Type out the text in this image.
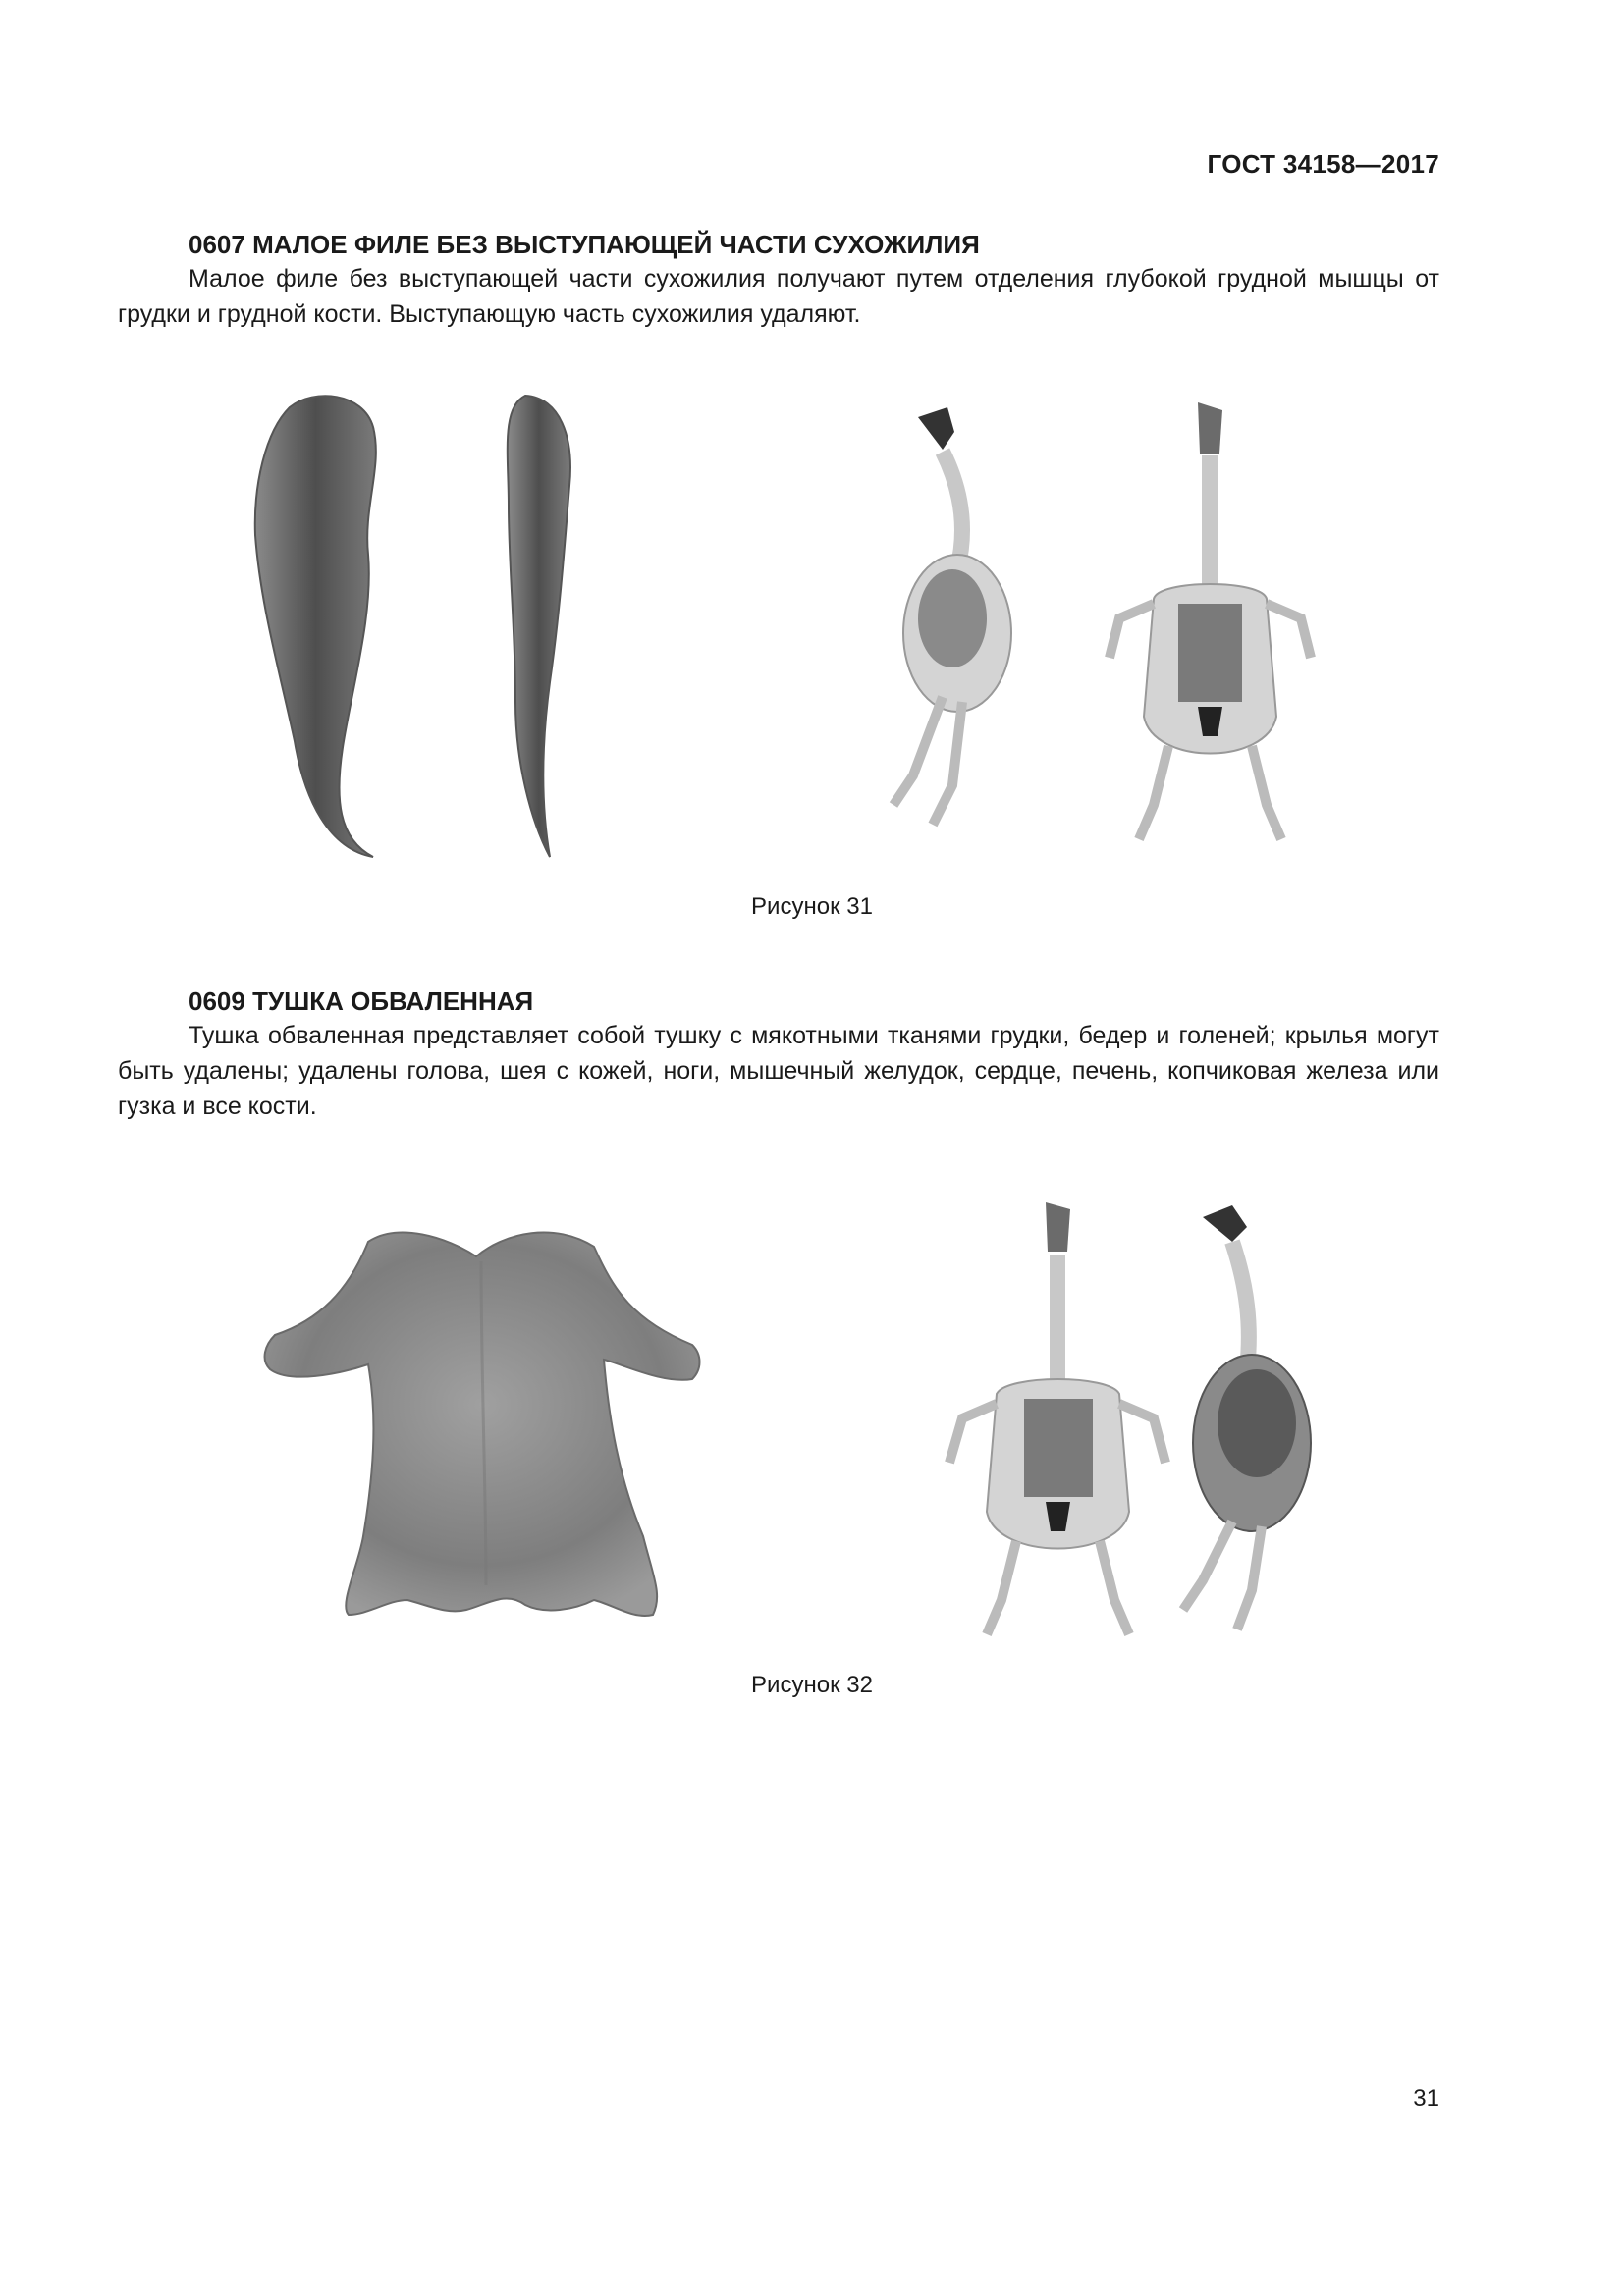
ГОСТ 34158—2017
0607 МАЛОЕ ФИЛЕ БЕЗ ВЫСТУПАЮЩЕЙ ЧАСТИ СУХОЖИЛИЯ

Малое филе без выступающей части сухожилия получают путем отделения глубокой грудной мышцы от грудки и грудной кости. Выступающую часть сухожилия удаляют.

Рисунок 31
0609 ТУШКА ОБВАЛЕННАЯ

Тушка обваленная представляет собой тушку с мякотными тканями грудки, бедер и голеней; крылья могут быть удалены; удалены голова, шея с кожей, ноги, мышечный желудок, сердце, печень, копчиковая железа или гузка и все кости.

Рисунок 32
31
